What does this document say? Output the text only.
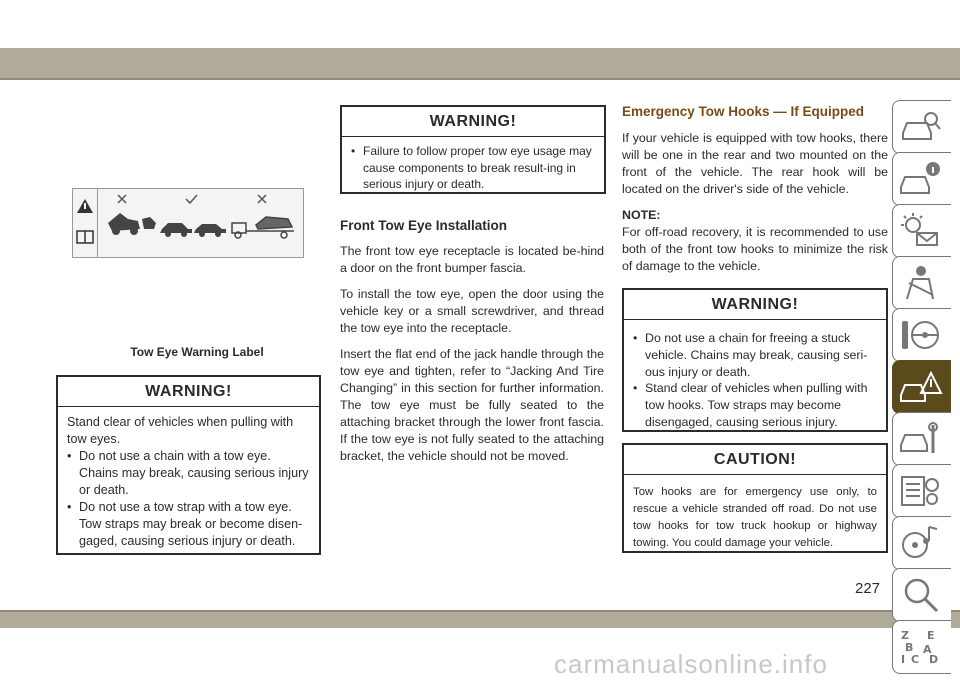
Tow Eye Warning Label
WARNING!

Stand clear of vehicles when pulling with tow eyes.

• Do not use a chain with a tow eye. Chains may break, causing serious injury or death.
• Do not use a tow strap with a tow eye. Tow straps may break or become disen-gaged, causing serious injury or death.
WARNING!
• Failure to follow proper tow eye usage may cause components to break result-ing in serious injury or death.
Front Tow Eye Installation

The front tow eye receptacle is located be-hind a door on the front bumper fascia.

To install the tow eye, open the door using the vehicle key or a small screwdriver, and thread the tow eye into the receptacle.

Insert the flat end of the jack handle through the tow eye and tighten, refer to “Jacking And Tire Changing” in this section for further information. The tow eye must be fully seated to the attaching bracket through the lower front fascia. If the tow eye is not fully seated to the attaching bracket, the vehicle should not be moved.

Emergency Tow Hooks — If Equipped

If your vehicle is equipped with tow hooks, there will be one in the rear and two mounted on the front of the vehicle. The rear hook will be located on the driver's side of the vehicle.

NOTE:
For off-road recovery, it is recommended to use both of the front tow hooks to minimize the risk of damage to the vehicle.
WARNING!
• Do not use a chain for freeing a stuck vehicle. Chains may break, causing seri-ous injury or death.
• Stand clear of vehicles when pulling with tow hooks. Tow straps may become disengaged, causing serious injury.
CAUTION!
Tow hooks are for emergency use only, to rescue a vehicle stranded off road. Do not use tow hooks for tow truck hookup or highway towing. You could damage your vehicle.
Z E
B A
I C D
227
carmanualsonline.info
